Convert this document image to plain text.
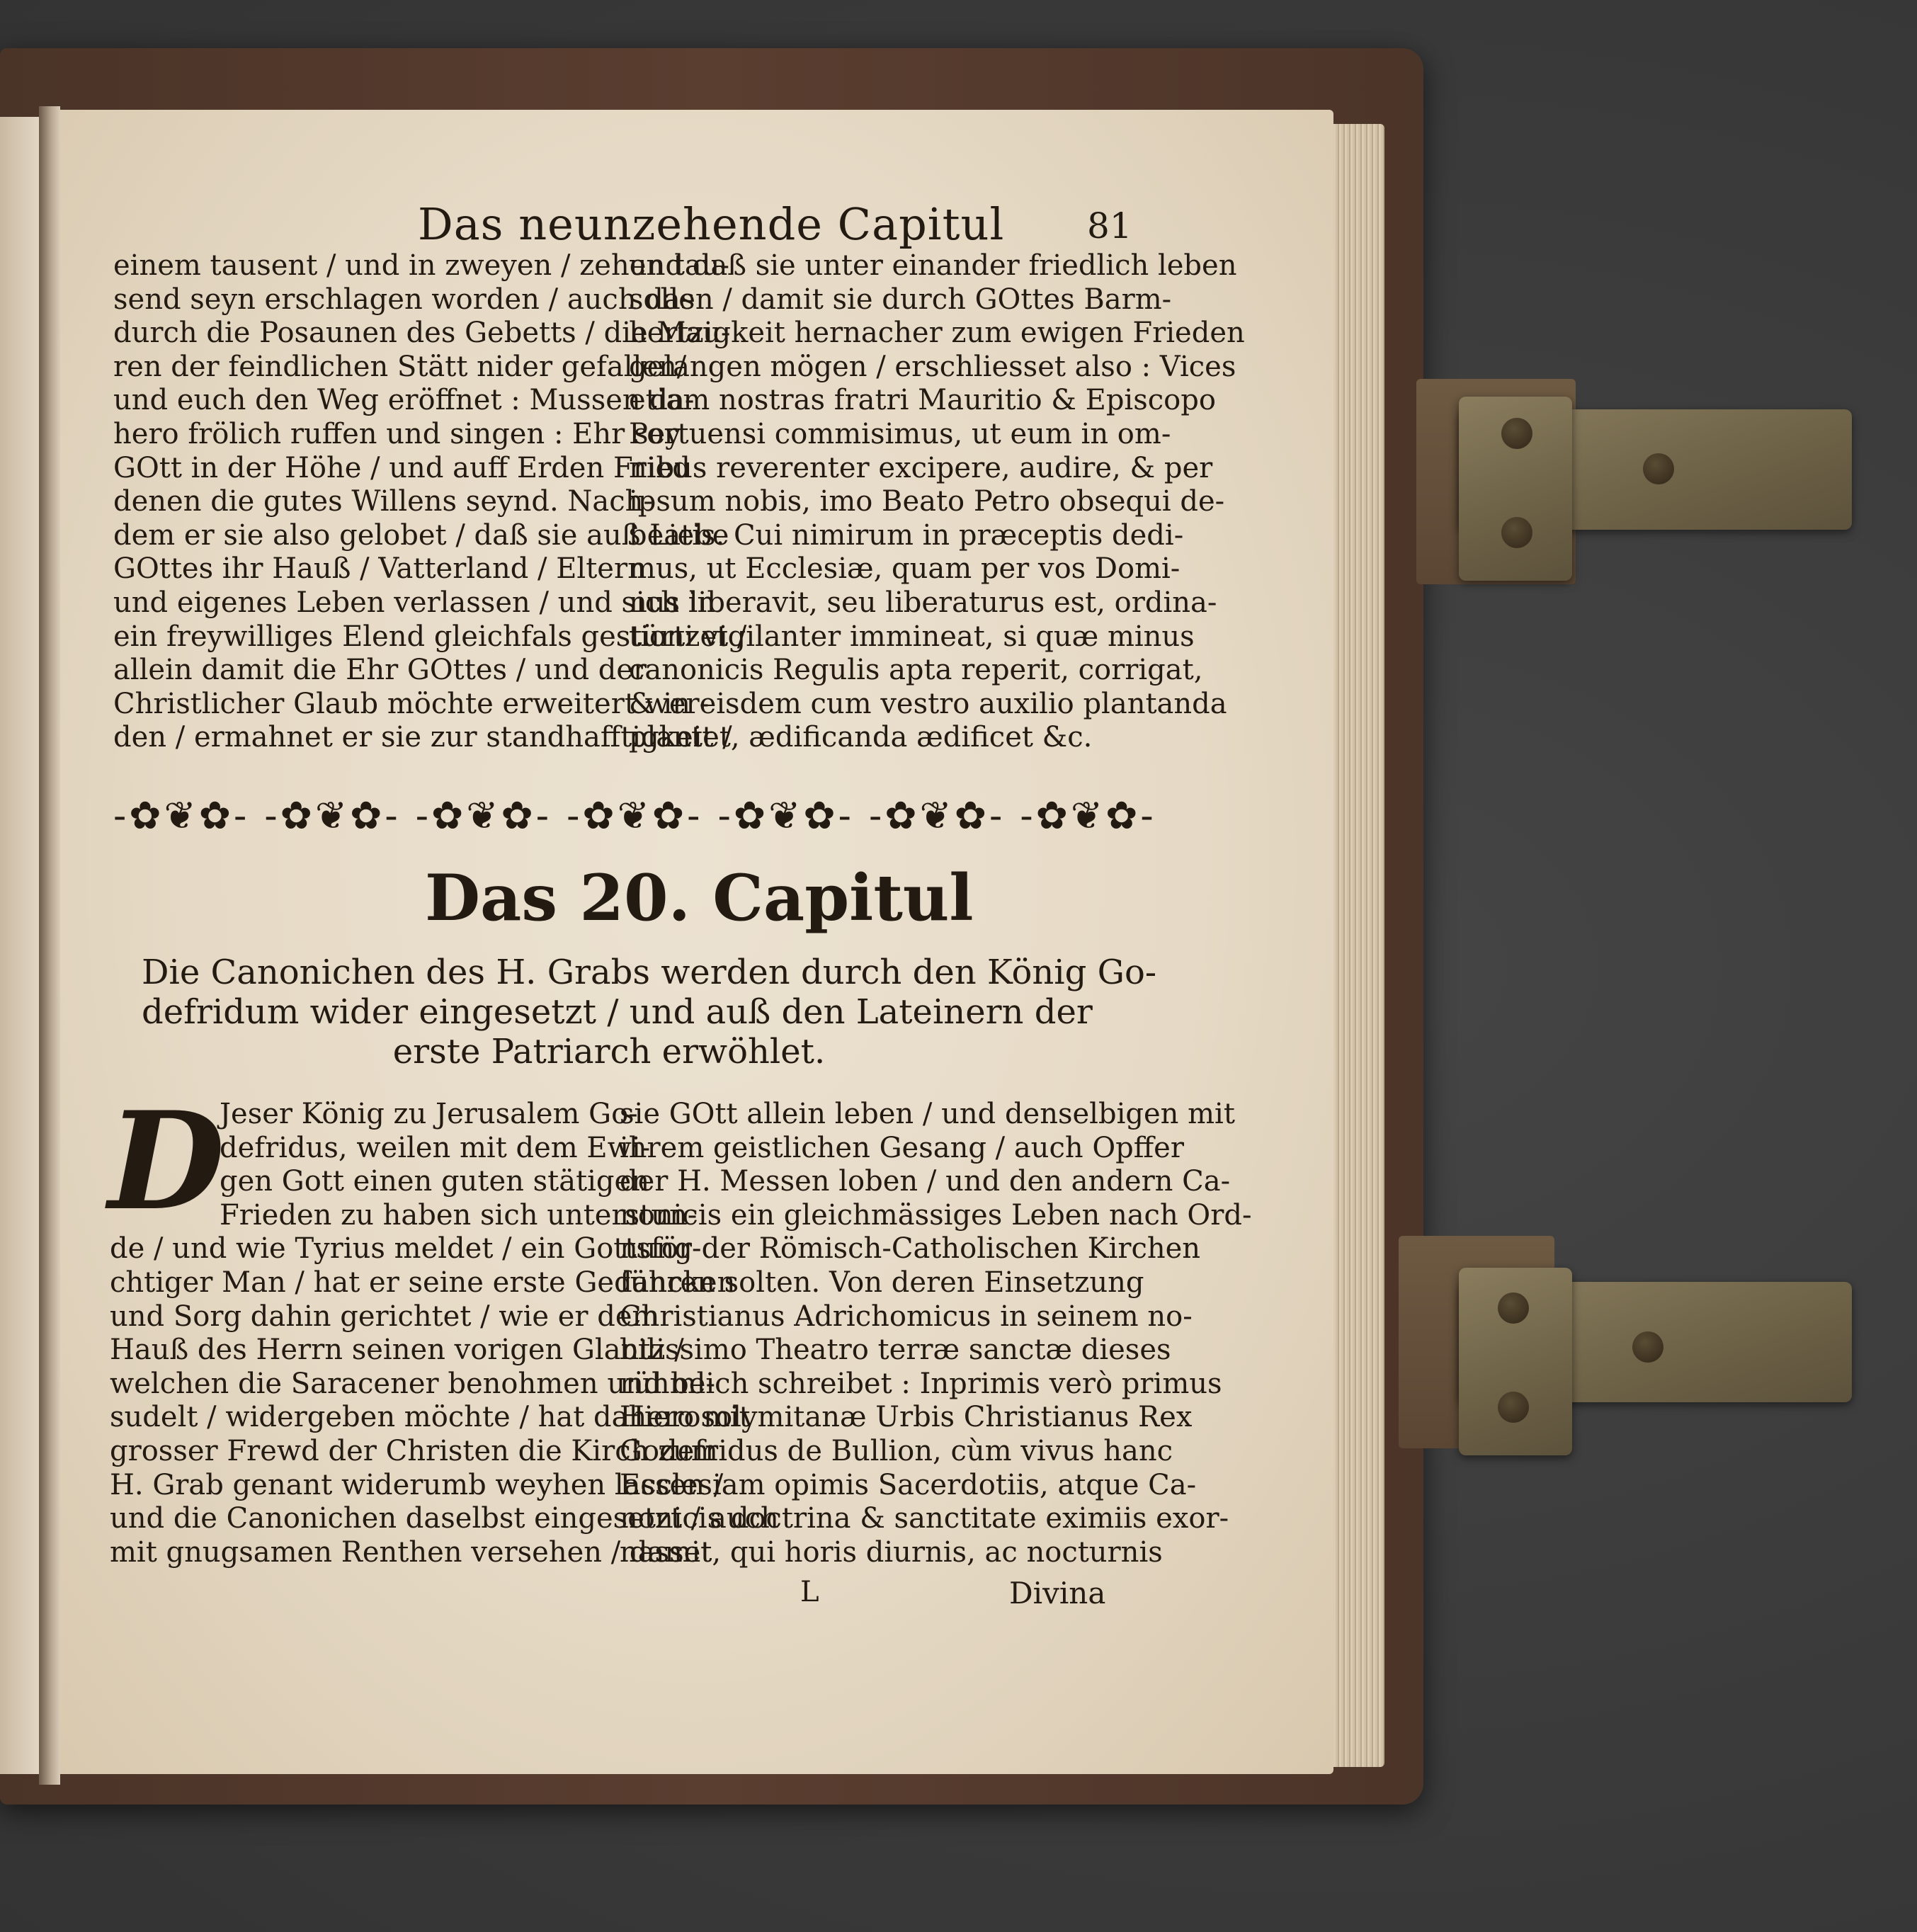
Das neunzehende Capitul 81
einem tausent / und in zweyen / zehen tau-
send seyn erschlagen worden / auch das
durch die Posaunen des Gebetts / die Mau-
ren der feindlichen Stätt nider gefallen/
und euch den Weg eröffnet : Mussen da-
hero frölich ruffen und singen : Ehr sey
GOtt in der Höhe / und auff Erden Fried
denen die gutes Willens seynd. Nach-
dem er sie also gelobet / daß sie auß Liebe
GOttes ihr Hauß / Vatterland / Eltern
und eigenes Leben verlassen / und sich in
ein freywilliges Elend gleichfals gestürtzet /
allein damit die Ehr GOttes / und der
Christlicher Glaub möchte erweitert wer-
den / ermahnet er sie zur standhafftigkeit /
und daß sie unter einander friedlich leben
sollen / damit sie durch GOttes Barm-
hertzigkeit hernacher zum ewigen Frieden
gelangen mögen / erschliesset also : Vices
etiam nostras fratri Mauritio & Episcopo
Portuensi commisimus, ut eum in om-
nibus reverenter excipere, audire, & per
ipsum nobis, imo Beato Petro obsequi de-
beatis. Cui nimirum in præceptis dedi-
mus, ut Ecclesiæ, quam per vos Domi-
nus liberavit, seu liberaturus est, ordina-
tioni vigilanter immineat, si quæ minus
canonicis Regulis apta reperit, corrigat,
& in eisdem cum vestro auxilio plantanda
plantet, ædificanda ædificet &c.
-✿❦✿- -✿❦✿- -✿❦✿- -✿❦✿- -✿❦✿- -✿❦✿- -✿❦✿-
Das 20. Capitul
Die Canonichen des H. Grabs werden durch den König Go-
defridum wider eingesetzt / und auß den Lateinern der
erste Patriarch erwöhlet.
D
Jeser König zu Jerusalem Go-
defridus, weilen mit dem Ewi-
gen Gott einen guten stätigen
Frieden zu haben sich unterstun-
de / und wie Tyrius meldet / ein Gottsför-
chtiger Man / hat er seine erste Gedancken
und Sorg dahin gerichtet / wie er dem
Hauß des Herrn seinen vorigen Glantz /
welchen die Saracener benohmen und be-
sudelt / widergeben möchte / hat dahero mit
grosser Frewd der Christen die Kirch zum
H. Grab genant widerumb weyhen lassen /
und die Canonichen daselbst eingesetzt / auch
mit gnugsamen Renthen versehen / damit
sie GOtt allein leben / und denselbigen mit
ihrem geistlichen Gesang / auch Opffer
der H. Messen loben / und den andern Ca-
nonicis ein gleichmässiges Leben nach Ord-
nung der Römisch-Catholischen Kirchen
führen solten. Von deren Einsetzung
Christianus Adrichomicus in seinem no-
bilissimo Theatro terræ sanctæ dieses
rühmlich schreibet : Inprimis verò primus
Hierosolymitanæ Urbis Christianus Rex
Godefridus de Bullion, cùm vivus hanc
Ecclesiam opimis Sacerdotiis, atque Ca-
nonicis doctrina & sanctitate eximiis exor-
nasset, qui horis diurnis, ac nocturnis
L	Divina
